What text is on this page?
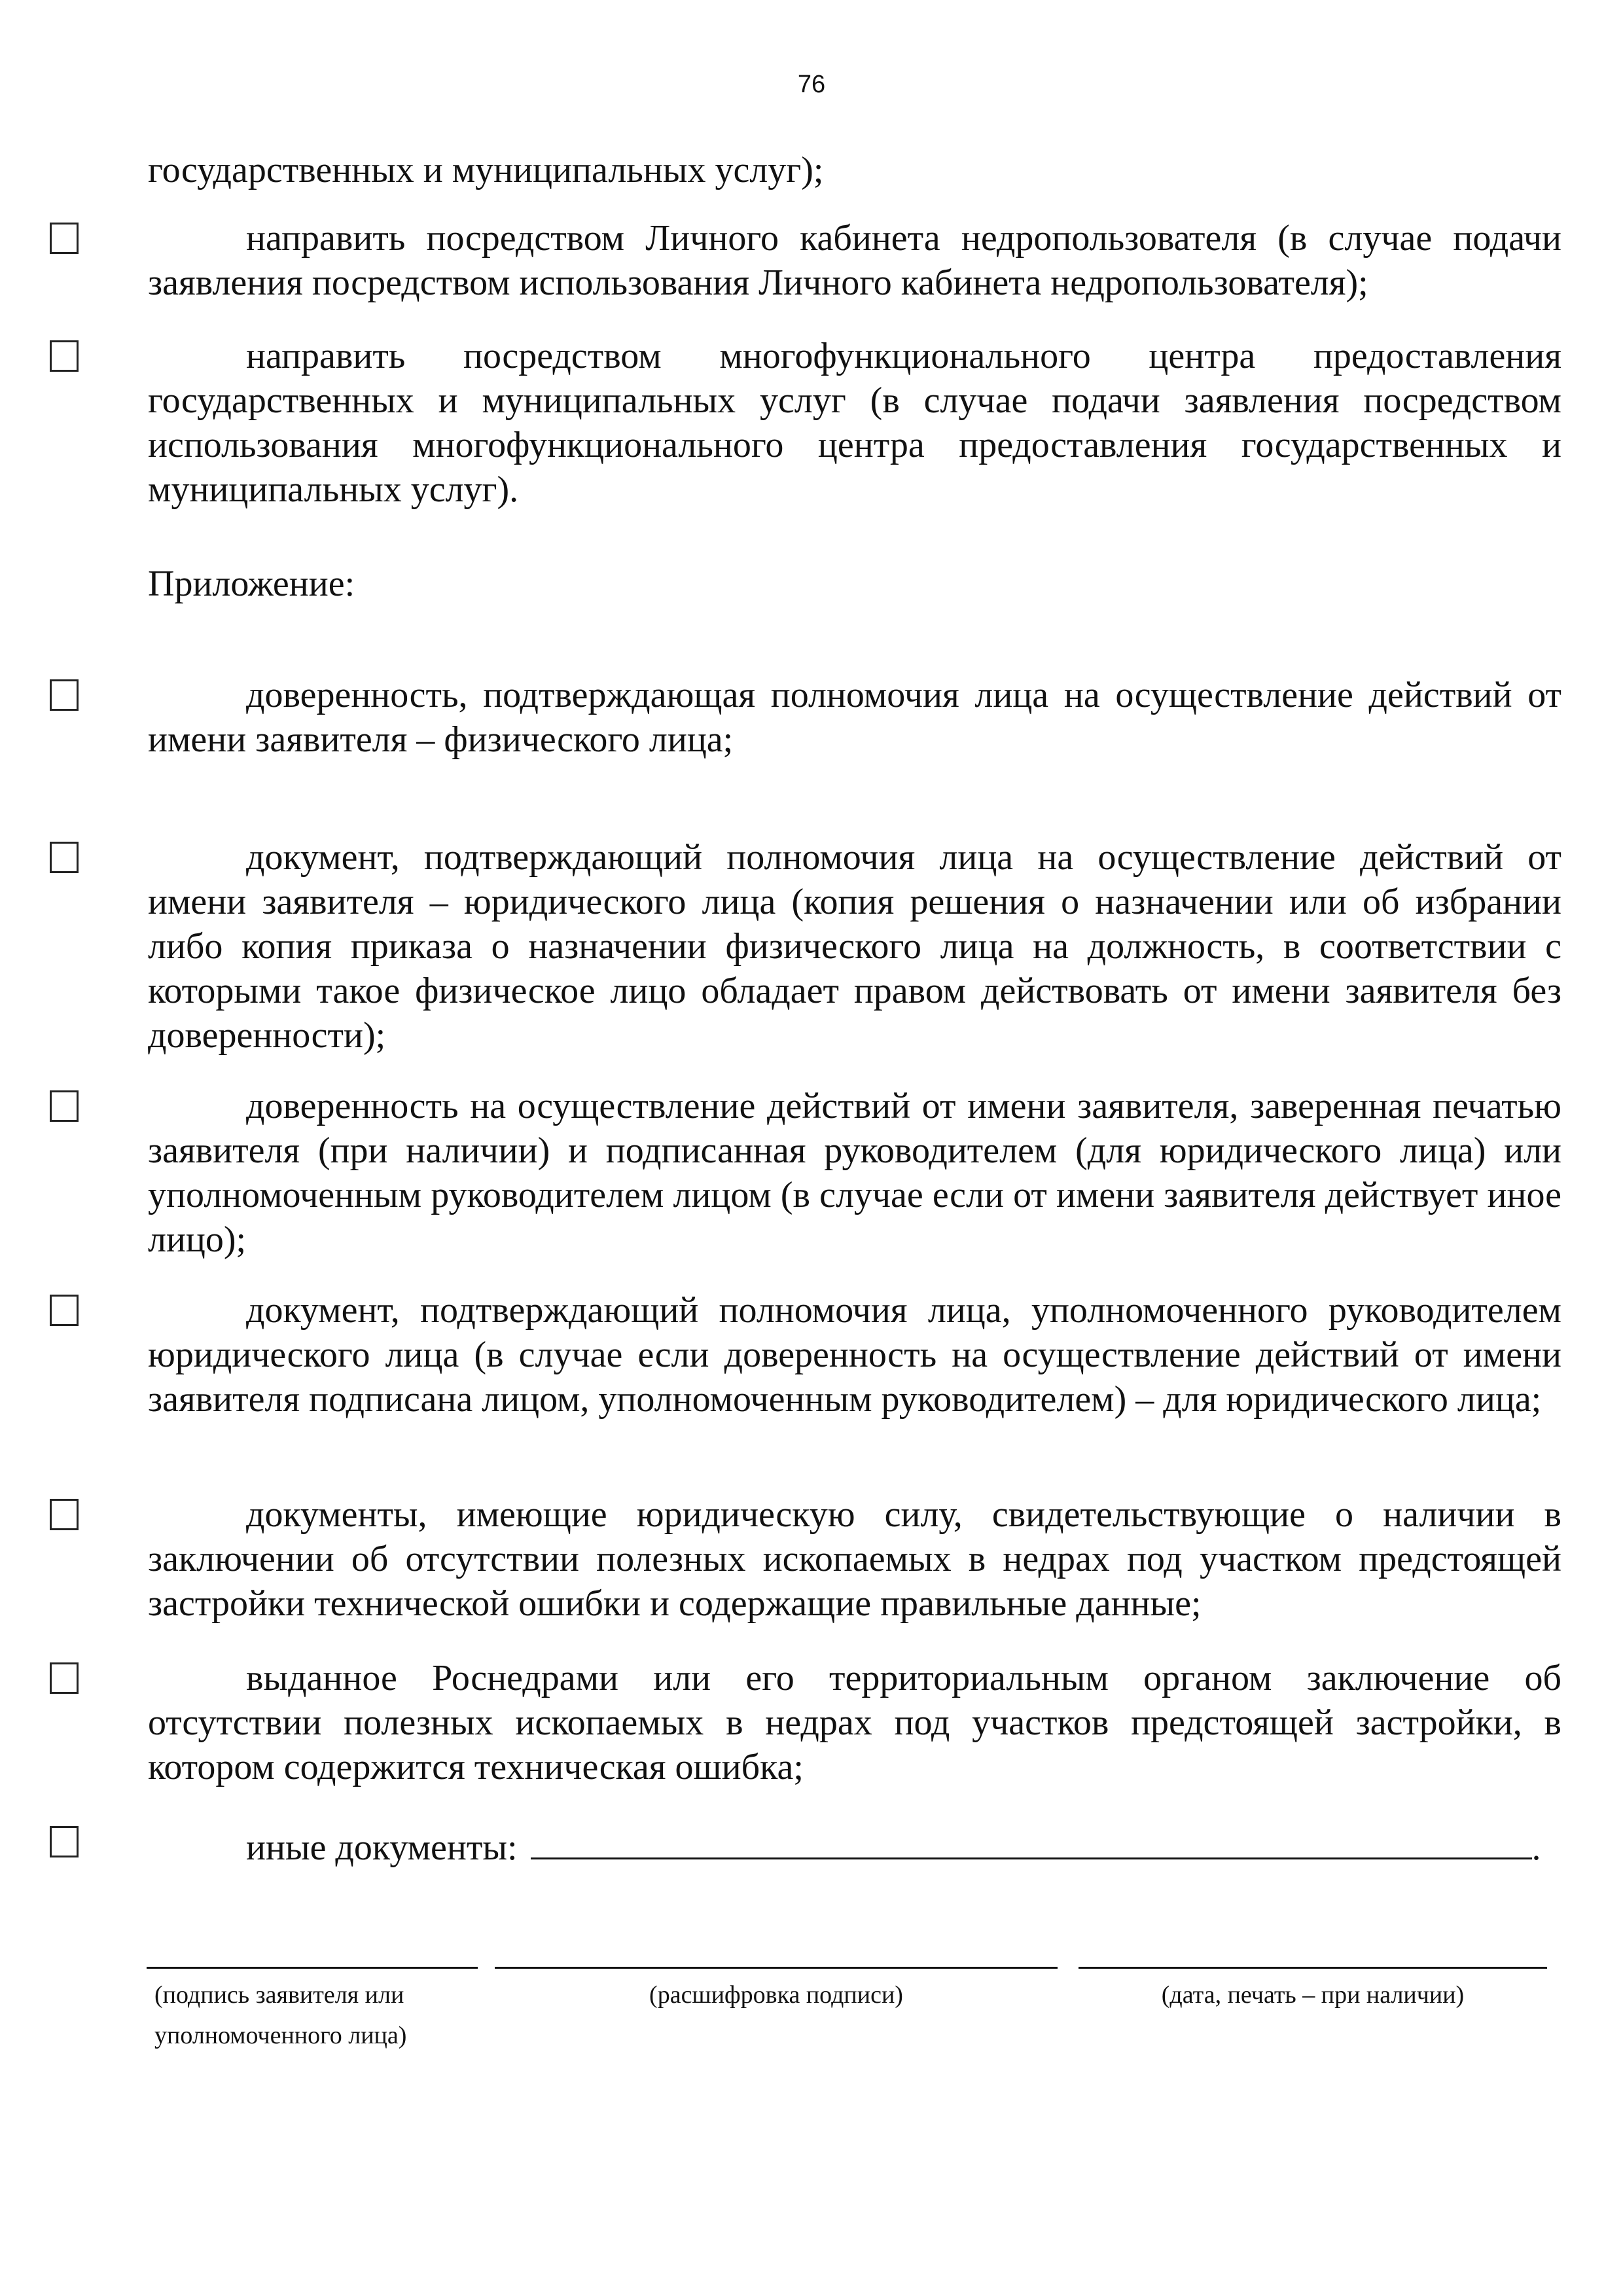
76

государственных и муниципальных услуг);

направить посредством Личного кабинета недропользователя (в случае подачи заявления посредством использования Личного кабинета недропользователя);

направить посредством многофункционального центра предоставления государственных и муниципальных услуг (в случае подачи заявления посредством использования многофункционального центра предоставления государственных и муниципальных услуг).

Приложение:

доверенность, подтверждающая полномочия лица на осуществление действий от имени заявителя – физического лица;

документ, подтверждающий полномочия лица на осуществление действий от имени заявителя – юридического лица (копия решения о назначении или об избрании либо копия приказа о назначении физического лица на должность, в соответствии с которыми такое физическое лицо обладает правом действовать от имени заявителя без доверенности);

доверенность на осуществление действий от имени заявителя, заверенная печатью заявителя (при наличии) и подписанная руководителем (для юридического лица) или уполномоченным руководителем лицом (в случае если от имени заявителя действует иное лицо);

документ, подтверждающий полномочия лица, уполномоченного руководителем юридического лица (в случае если доверенность на осуществление действий от имени заявителя подписана лицом, уполномоченным руководителем) – для юридического лица;

документы, имеющие юридическую силу, свидетельствующие о наличии в заключении об отсутствии полезных ископаемых в недрах под участком предстоящей застройки технической ошибки и содержащие правильные данные;

выданное Роснедрами или его территориальным органом заключение об отсутствии полезных ископаемых в недрах под участков предстоящей застройки, в котором содержится техническая ошибка;

иные документы:	.

(подпись заявителя или уполномоченного лица)
(расшифровка подписи)	(дата, печать – при наличии)
